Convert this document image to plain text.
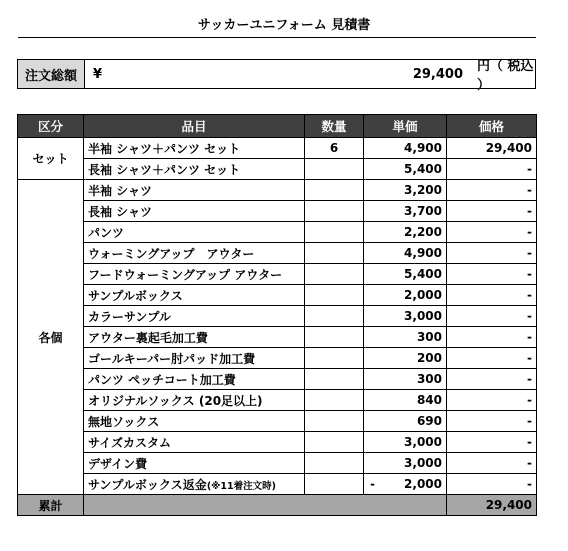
サッカーユニフォーム 見積書
注文総額	¥	29,400	円（ 税込 ）
区分	品目	数量	単価	価格
セット	半袖 シャツ＋パンツ セット	6	4,900	29,400
	長袖 シャツ＋パンツ セット		5,400	-
各個	半袖 シャツ		3,200	-
	長袖 シャツ		3,700	-
	パンツ		2,200	-
	ウォーミングアップ　アウター		4,900	-
	フードウォーミングアップ アウター		5,400	-
	サンプルボックス		2,000	-
	カラーサンプル		3,000	-
	アウター裏起毛加工費		300	-
	ゴールキーパー肘パッド加工費		200	-
	パンツ ペッチコート加工費		300	-
	オリジナルソックス (20足以上)		840	-
	無地ソックス		690	-
	サイズカスタム		3,000	-
	デザイン費		3,000	-
	サンプルボックス返金(※11着注文時)		- 2,000	-
累計				29,400
